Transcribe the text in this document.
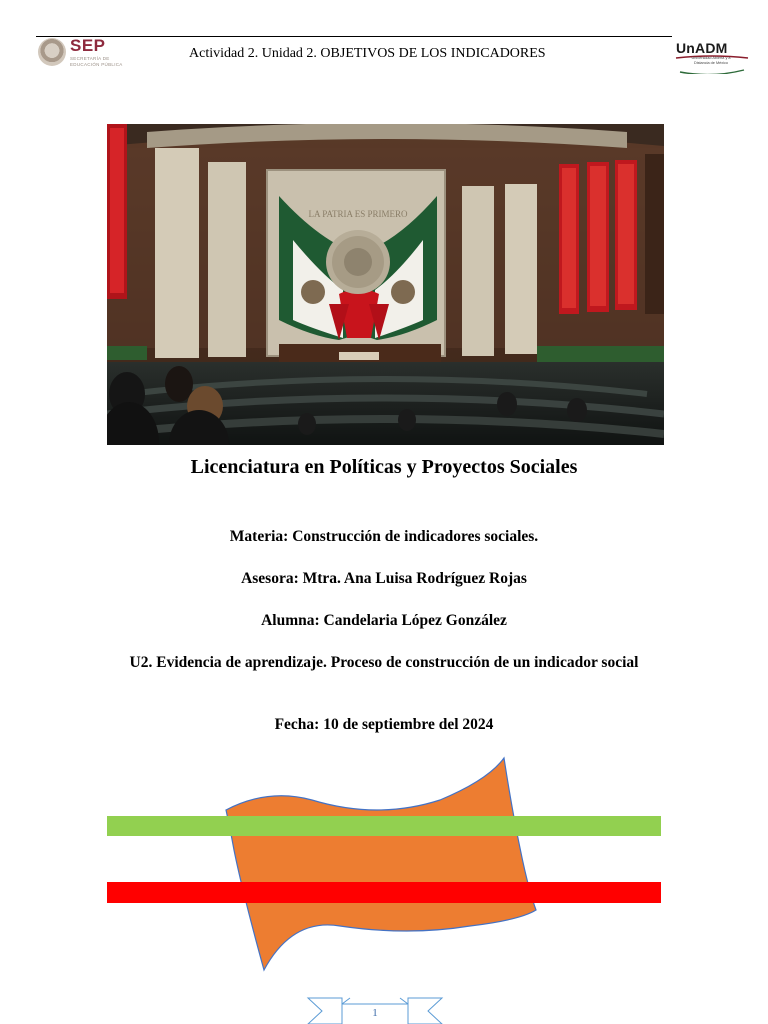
SEP
SECRETARÍA DE
EDUCACIÓN PÚBLICA
Actividad 2. Unidad 2. OBJETIVOS DE LOS INDICADORES	UnADM
Universidad Abierta y a
Distancia de México
LA PATRIA ES PRIMERO
Licenciatura en Políticas y Proyectos Sociales
Materia: Construcción de indicadores sociales.
Asesora: Mtra. Ana Luisa Rodríguez Rojas
Alumna: Candelaria López González
U2. Evidencia de aprendizaje. Proceso de construcción de un indicador social
Fecha: 10 de septiembre del 2024
1
